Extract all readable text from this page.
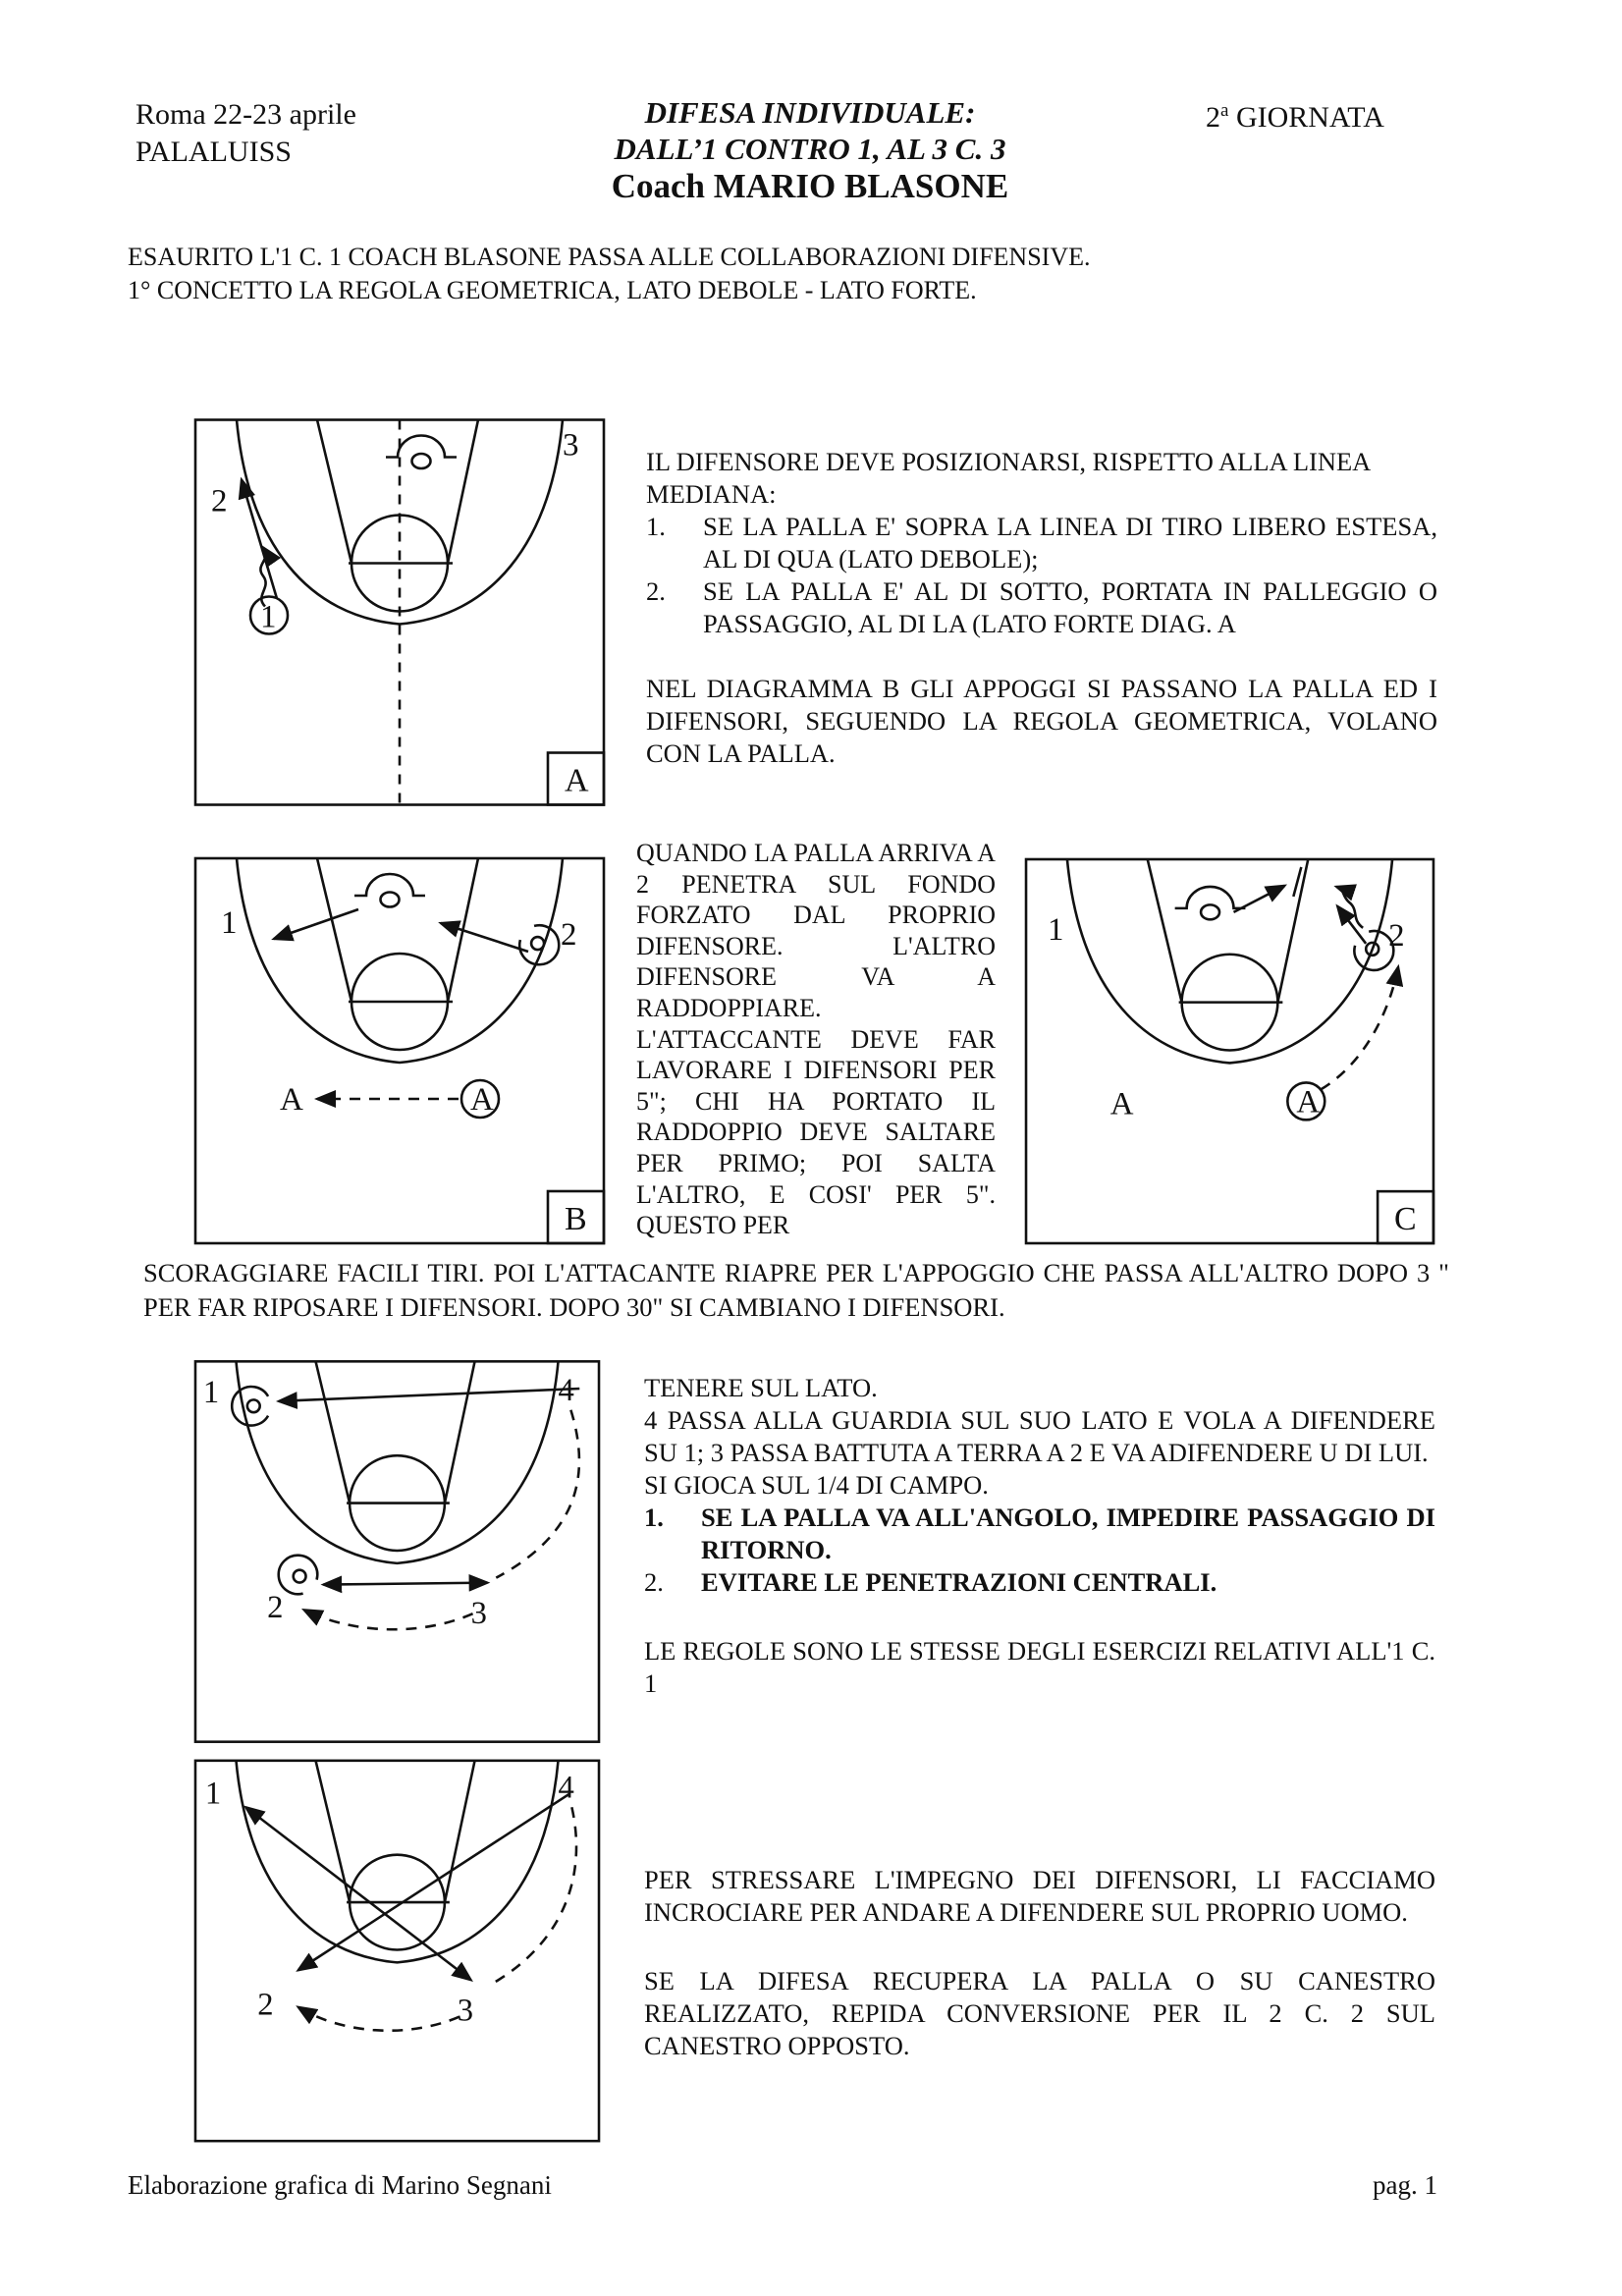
Roma 22-23 aprile
PALALUISS
DIFESA INDIVIDUALE:
DALL’1 CONTRO 1, AL 3 C. 3
Coach MARIO BLASONE
2$^a$ GIORNATA
ESAURITO L'1 C. 1 COACH BLASONE PASSA ALLE COLLABORAZIONI DIFENSIVE.
1° CONCETTO LA REGOLA GEOMETRICA, LATO DEBOLE - LATO FORTE.
2
3
1
A
IL DIFENSORE DEVE POSIZIONARSI, RISPETTO ALLA LINEA MEDIANA:
1.	SE LA PALLA E' SOPRA LA LINEA DI TIRO LIBERO ESTESA, AL DI QUA (LATO DEBOLE);
2.	SE LA PALLA E' AL DI SOTTO, PORTATA IN PALLEGGIO O PASSAGGIO, AL DI LA (LATO FORTE DIAG. A
NEL DIAGRAMMA B GLI APPOGGI SI PASSANO LA PALLA ED I DIFENSORI, SEGUENDO LA REGOLA GEOMETRICA, VOLANO CON LA PALLA.
1	2
A	A
B
QUANDO LA PALLA ARRIVA A 2 PENETRA SUL FONDO FORZATO DAL PROPRIO DIFENSORE. L'ALTRO DIFENSORE VA A RADDOPPIARE. L'ATTACCANTE DEVE FAR LAVORARE I DIFENSORI PER 5"; CHI HA PORTATO IL RADDOPPIO DEVE SALTARE PER PRIMO; POI SALTA L'ALTRO, E COSI' PER 5". QUESTO PER
1	2
A	A
C
SCORAGGIARE FACILI TIRI. POI L'ATTACANTE RIAPRE PER L'APPOGGIO CHE PASSA ALL'ALTRO DOPO 3 " PER FAR RIPOSARE I DIFENSORI. DOPO 30" SI CAMBIANO I DIFENSORI.
1	4
2	3
TENERE SUL LATO.
4 PASSA ALLA GUARDIA SUL SUO LATO E VOLA A DIFENDERE SU 1; 3 PASSA BATTUTA A TERRA A 2 E VA ADIFENDERE U DI LUI.
SI GIOCA SUL 1/4 DI CAMPO.
1.	SE LA PALLA VA ALL'ANGOLO, IMPEDIRE PASSAGGIO DI RITORNO.
2.	EVITARE LE PENETRAZIONI CENTRALI.
LE REGOLE SONO LE STESSE DEGLI ESERCIZI RELATIVI ALL'1 C. 1
1	4
2	3
PER STRESSARE L'IMPEGNO DEI DIFENSORI, LI FACCIAMO INCROCIARE PER ANDARE A DIFENDERE SUL PROPRIO UOMO.
SE LA DIFESA RECUPERA LA PALLA O SU CANESTRO REALIZZATO, REPIDA CONVERSIONE PER IL 2 C. 2 SUL CANESTRO OPPOSTO.
Elaborazione grafica di Marino Segnani	pag. 1
